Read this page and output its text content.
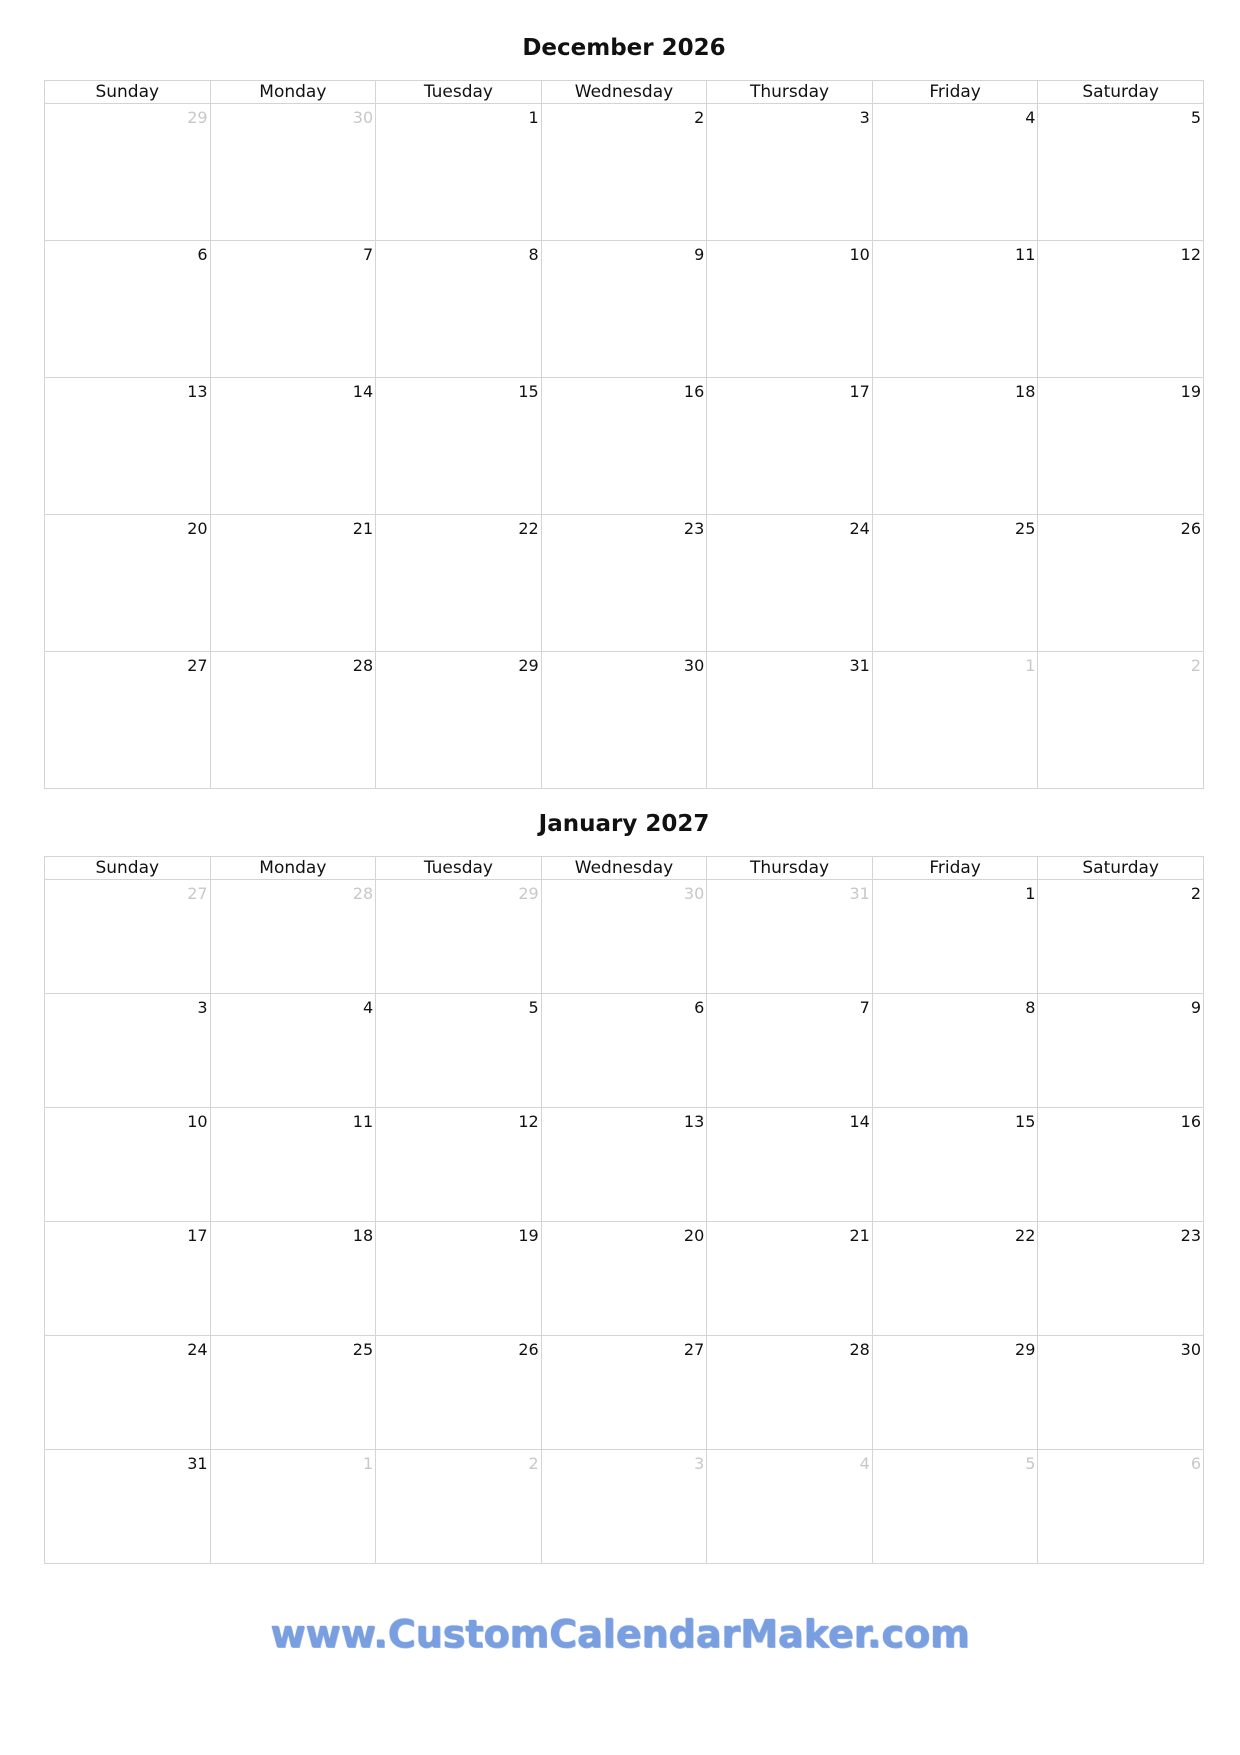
December 2026
Sunday	Monday	Tuesday	Wednesday	Thursday	Friday	Saturday
29	30	1	2	3	4	5
6	7	8	9	10	11	12
13	14	15	16	17	18	19
20	21	22	23	24	25	26
27	28	29	30	31	1	2
January 2027
Sunday	Monday	Tuesday	Wednesday	Thursday	Friday	Saturday
27	28	29	30	31	1	2
3	4	5	6	7	8	9
10	11	12	13	14	15	16
17	18	19	20	21	22	23
24	25	26	27	28	29	30
31	1	2	3	4	5	6
www.CustomCalendarMaker.com
